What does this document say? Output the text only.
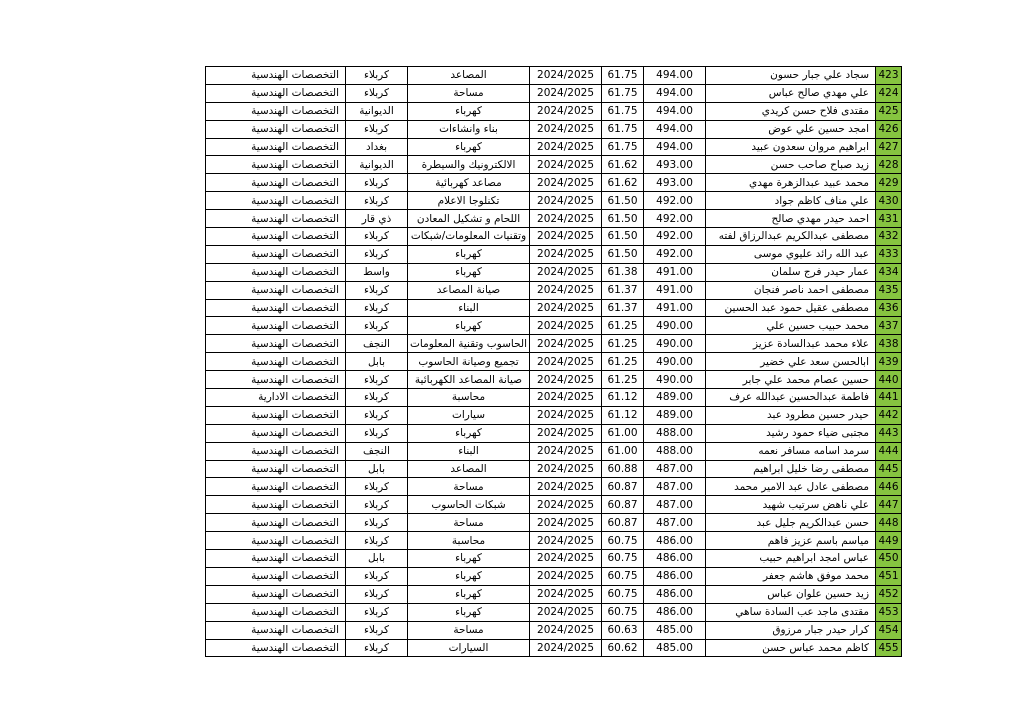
423	سجاد علي جبار حسون	494.00	61.75	2024/2025	المصاعد	كربلاء	التخصصات الهندسية
424	علي مهدي صالح عباس	494.00	61.75	2024/2025	مساحة	كربلاء	التخصصات الهندسية
425	مقتدى فلاح حسن كريدي	494.00	61.75	2024/2025	كهرباء	الديوانية	التخصصات الهندسية
426	امجد حسين علي عوض	494.00	61.75	2024/2025	بناء وانشاءات	كربلاء	التخصصات الهندسية
427	ابراهيم مروان سعدون عبيد	494.00	61.75	2024/2025	كهرباء	بغداد	التخصصات الهندسية
428	زيد صباح صاحب حسن	493.00	61.62	2024/2025	الالكترونيك والسيطرة	الديوانية	التخصصات الهندسية
429	محمد عبيد عبدالزهرة مهدي	493.00	61.62	2024/2025	مصاعد كهربائية	كربلاء	التخصصات الهندسية
430	علي مناف كاظم جواد	492.00	61.50	2024/2025	تكنلوجا الاعلام	كربلاء	التخصصات الهندسية
431	احمد حيدر مهدي صالح	492.00	61.50	2024/2025	اللحام و تشكيل المعادن	ذي قار	التخصصات الهندسية
432	مصطفى عبدالكريم عبدالرزاق لفته	492.00	61.50	2024/2025	وتقنيات المعلومات/شبكات	كربلاء	التخصصات الهندسية
433	عبد الله رائد عليوي موسى	492.00	61.50	2024/2025	كهرباء	كربلاء	التخصصات الهندسية
434	عمار حيدر فرج سلمان	491.00	61.38	2024/2025	كهرباء	واسط	التخصصات الهندسية
435	مصطفى احمد ناصر فنجان	491.00	61.37	2024/2025	صيانة المصاعد	كربلاء	التخصصات الهندسية
436	مصطفى عقيل حمود عبد الحسين	491.00	61.37	2024/2025	البناء	كربلاء	التخصصات الهندسية
437	محمد حبيب حسين علي	490.00	61.25	2024/2025	كهرباء	كربلاء	التخصصات الهندسية
438	علاء محمد عبدالسادة عزيز	490.00	61.25	2024/2025	الحاسوب وتقنية المعلومات	النجف	التخصصات الهندسية
439	ابالحسن سعد علي خضير	490.00	61.25	2024/2025	تجميع وصيانة الحاسوب	بابل	التخصصات الهندسية
440	حسين عصام محمد علي جابر	490.00	61.25	2024/2025	صيانة المصاعد الكهربائية	كربلاء	التخصصات الهندسية
441	فاطمة عبدالحسين عبدالله عرف	489.00	61.12	2024/2025	محاسبة	كربلاء	التخصصات الادارية
442	حيدر حسين مطرود عبد	489.00	61.12	2024/2025	سيارات	كربلاء	التخصصات الهندسية
443	مجتبى ضياء حمود رشيد	488.00	61.00	2024/2025	كهرباء	كربلاء	التخصصات الهندسية
444	سرمد اسامه مسافر نعمه	488.00	61.00	2024/2025	البناء	النجف	التخصصات الهندسية
445	مصطفى رضا خليل ابراهيم	487.00	60.88	2024/2025	المصاعد	بابل	التخصصات الهندسية
446	مصطفى عادل عبد الامير محمد	487.00	60.87	2024/2025	مساحة	كربلاء	التخصصات الهندسية
447	علي ناهض سرتيب شهيد	487.00	60.87	2024/2025	شبكات الحاسوب	كربلاء	التخصصات الهندسية
448	حسن عبدالكريم جليل عبد	487.00	60.87	2024/2025	مساحة	كربلاء	التخصصات الهندسية
449	مياسم باسم عزيز فاهم	486.00	60.75	2024/2025	محاسبة	كربلاء	التخصصات الهندسية
450	عباس امجد ابراهيم حبيب	486.00	60.75	2024/2025	كهرباء	بابل	التخصصات الهندسية
451	محمد موفق هاشم جعفر	486.00	60.75	2024/2025	كهرباء	كربلاء	التخصصات الهندسية
452	زيد حسين علوان عباس	486.00	60.75	2024/2025	كهرباء	كربلاء	التخصصات الهندسية
453	مقتدى ماجد عب السادة ساهي	486.00	60.75	2024/2025	كهرباء	كربلاء	التخصصات الهندسية
454	كرار حيدر جبار مرزوق	485.00	60.63	2024/2025	مساحة	كربلاء	التخصصات الهندسية
455	كاظم محمد عباس حسن	485.00	60.62	2024/2025	السيارات	كربلاء	التخصصات الهندسية
